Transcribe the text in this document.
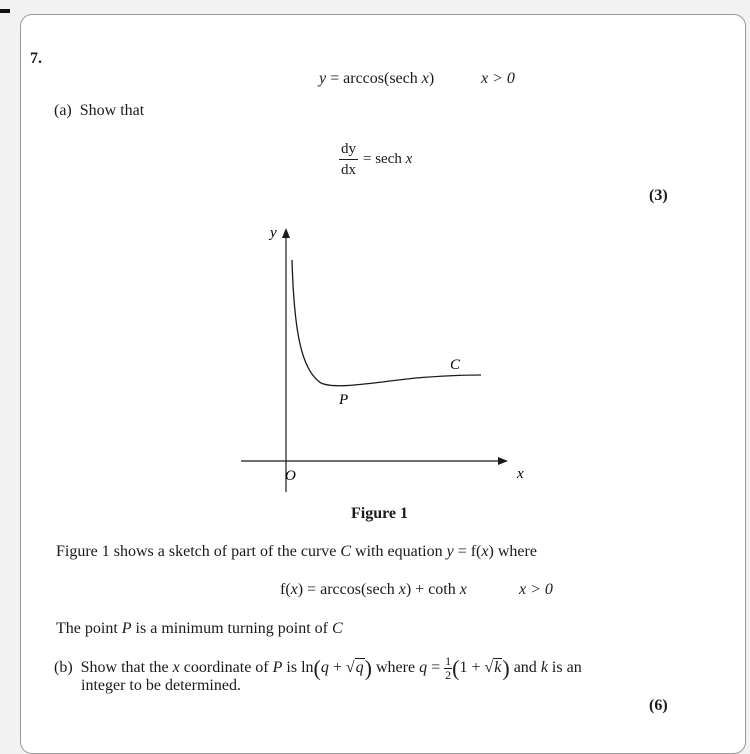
7.
y = arccos(sech x)	x > 0
(a) Show that
$\frac{dy}{dx} = \sec h$ x
(3)
y
x
O
C
P
Figure 1
Figure 1 shows a sketch of part of the curve C with equation y = f(x) where
f(x) = arccos(sech x) + coth x	x > 0
The point P is a minimum turning point of C
(b) Show that the x coordinate of P is ln(q + √q) where $q = \frac{1}{2} (1 + √k)$ and k is an
integer to be determined.
(6)
